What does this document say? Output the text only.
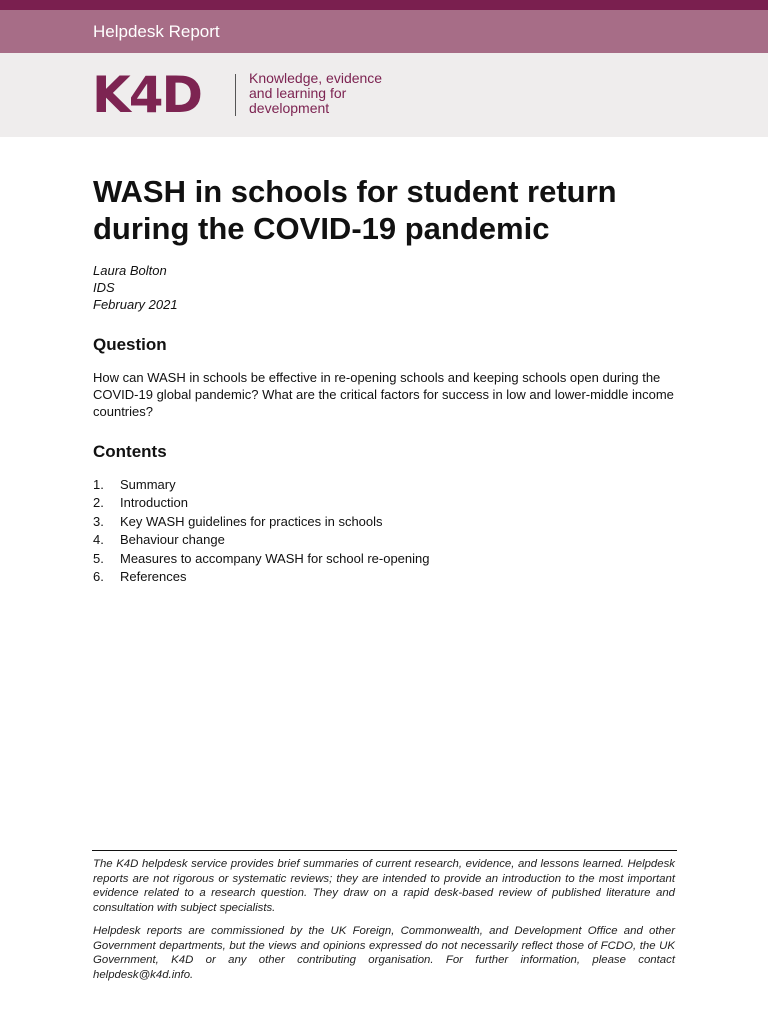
Helpdesk Report
K4D	Knowledge, evidence
and learning for
development
WASH in schools for student return during the COVID-19 pandemic
Laura Bolton
IDS
February 2021
Question

How can WASH in schools be effective in re-opening schools and keeping schools open during the COVID-19 global pandemic? What are the critical factors for success in low and lower-middle income countries?

Contents
1.	Summary
2.	Introduction
3.	Key WASH guidelines for practices in schools
4.	Behaviour change
5.	Measures to accompany WASH for school re-opening
6.	References

The K4D helpdesk service provides brief summaries of current research, evidence, and lessons learned. Helpdesk reports are not rigorous or systematic reviews; they are intended to provide an introduction to the most important evidence related to a research question. They draw on a rapid desk-based review of published literature and consultation with subject specialists.

Helpdesk reports are commissioned by the UK Foreign, Commonwealth, and Development Office and other Government departments, but the views and opinions expressed do not necessarily reflect those of FCDO, the UK Government, K4D or any other contributing organisation. For further information, please contact helpdesk@k4d.info.
